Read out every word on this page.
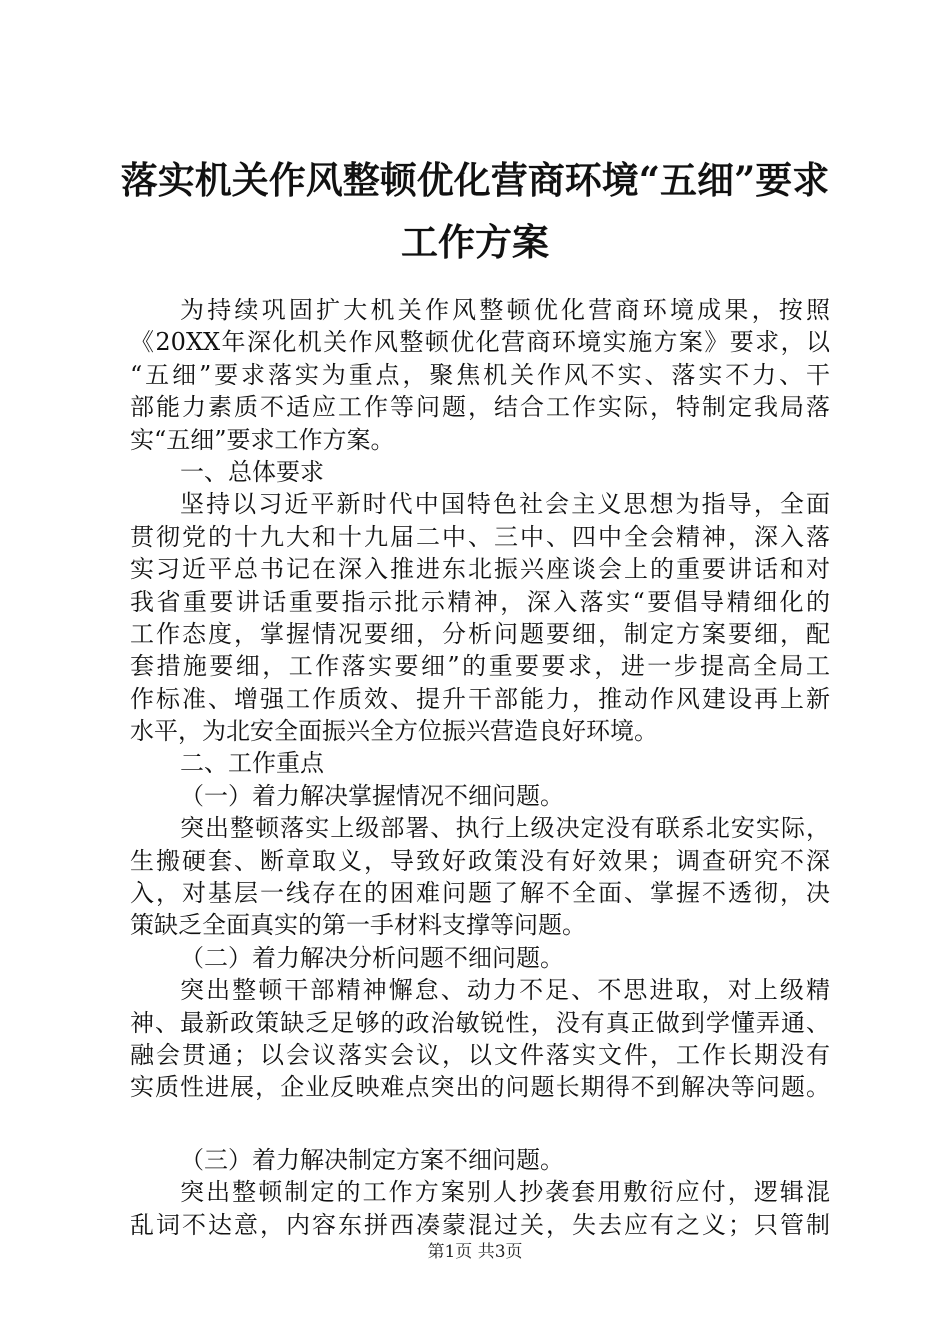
落实机关作风整顿优化营商环境“五细”要求
工作方案
为持续巩固扩大机关作风整顿优化营商环境成果，按照
《20XX年深化机关作风整顿优化营商环境实施方案》要求，以
“五细”要求落实为重点，聚焦机关作风不实、落实不力、干
部能力素质不适应工作等问题，结合工作实际，特制定我局落
实“五细”要求工作方案。
一、总体要求
坚持以习近平新时代中国特色社会主义思想为指导，全面
贯彻党的十九大和十九届二中、三中、四中全会精神，深入落
实习近平总书记在深入推进东北振兴座谈会上的重要讲话和对
我省重要讲话重要指示批示精神，深入落实“要倡导精细化的
工作态度，掌握情况要细，分析问题要细，制定方案要细，配
套措施要细，工作落实要细”的重要要求，进一步提高全局工
作标准、增强工作质效、提升干部能力，推动作风建设再上新
水平，为北安全面振兴全方位振兴营造良好环境。
二、工作重点
（一）着力解决掌握情况不细问题。
突出整顿落实上级部署、执行上级决定没有联系北安实际，
生搬硬套、断章取义，导致好政策没有好效果；调查研究不深
入，对基层一线存在的困难问题了解不全面、掌握不透彻，决
策缺乏全面真实的第一手材料支撑等问题。
（二）着力解决分析问题不细问题。
突出整顿干部精神懈怠、动力不足、不思进取，对上级精
神、最新政策缺乏足够的政治敏锐性，没有真正做到学懂弄通、
融会贯通；以会议落实会议，以文件落实文件，工作长期没有
实质性进展，企业反映难点突出的问题长期得不到解决等问题。
（三）着力解决制定方案不细问题。
突出整顿制定的工作方案别人抄袭套用敷衍应付，逻辑混
乱词不达意，内容东拼西凑蒙混过关，失去应有之义；只管制
第1页 共3页
